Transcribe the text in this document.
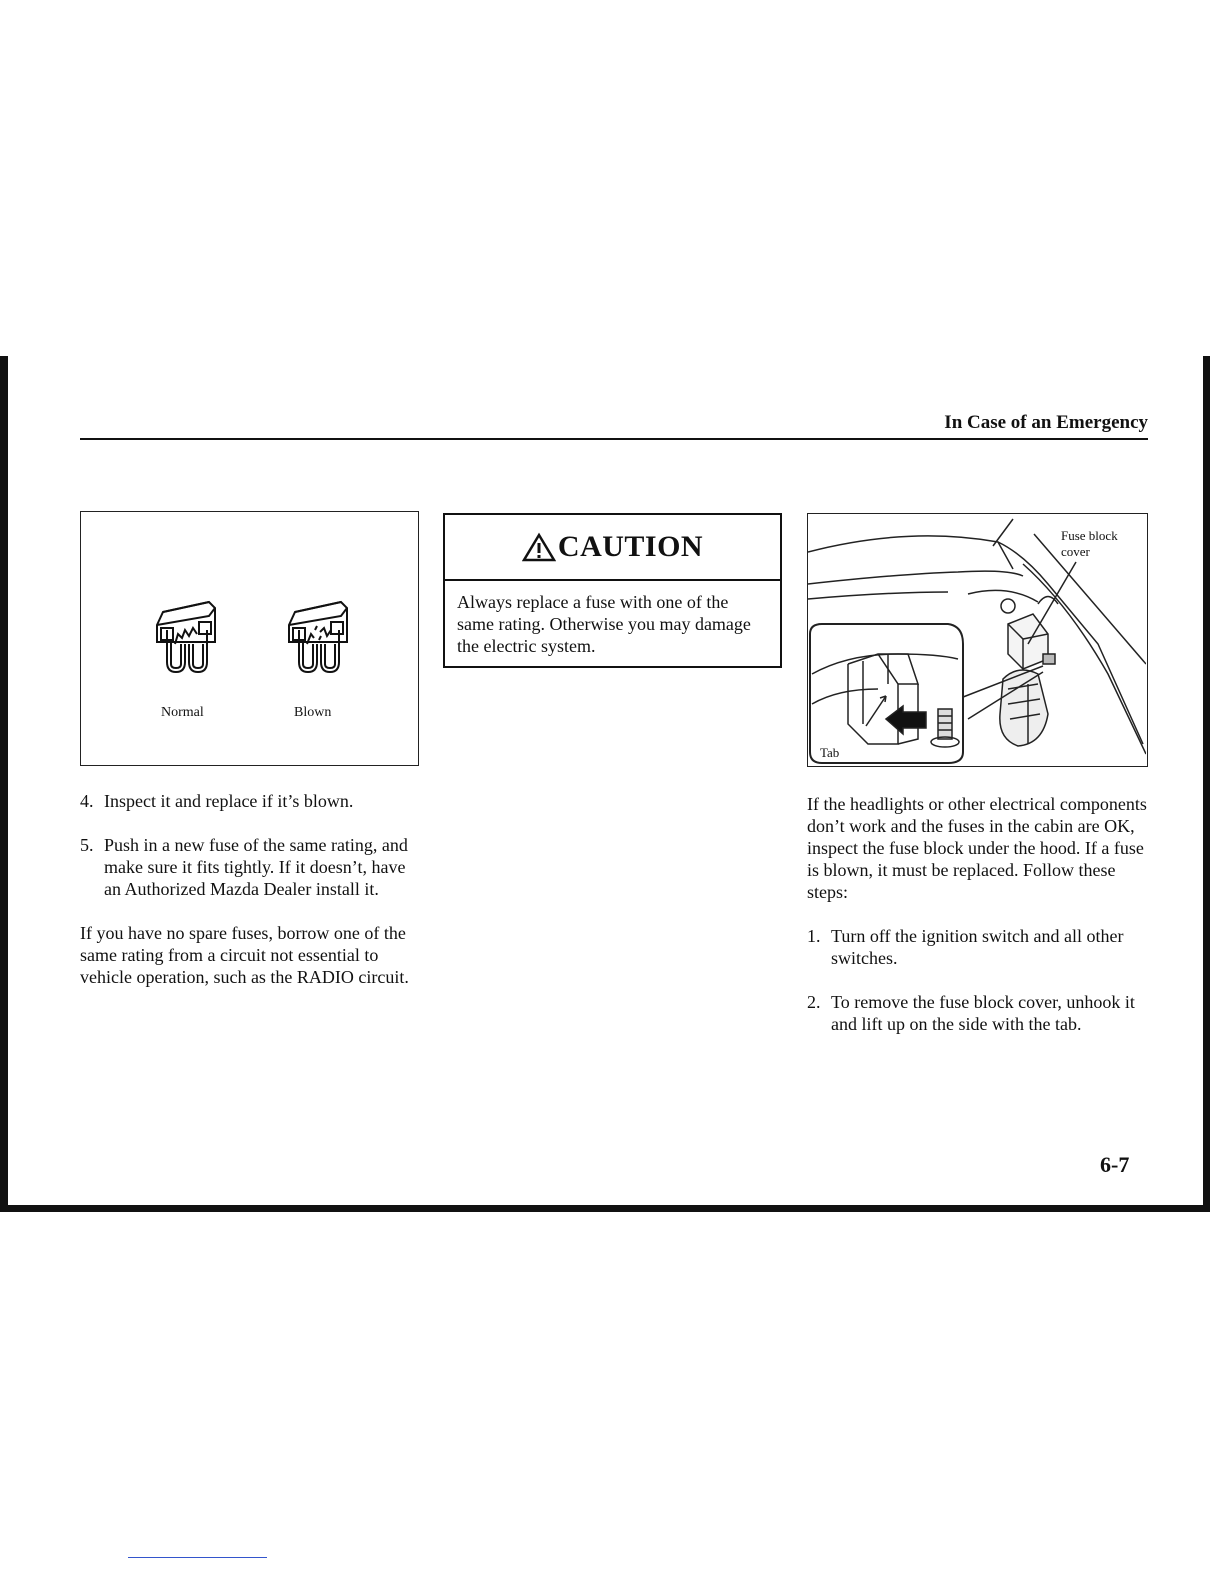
In Case of an Emergency
Normal	Blown
CAUTION
Always replace a fuse with one of the same rating. Otherwise you may damage the electric system.
Fuse block cover
Tab
4. Inspect it and replace if it’s blown.
5. Push in a new fuse of the same rating, and make sure it fits tightly. If it doesn’t, have an Authorized Mazda Dealer install it.

If you have no spare fuses, borrow one of the same rating from a circuit not essential to vehicle operation, such as the RADIO circuit.

If the headlights or other electrical components don’t work and the fuses in the cabin are OK, inspect the fuse block under the hood. If a fuse is blown, it must be replaced. Follow these steps:

1. Turn off the ignition switch and all other switches.
2. To remove the fuse block cover, unhook it and lift up on the side with the tab.
6-7
